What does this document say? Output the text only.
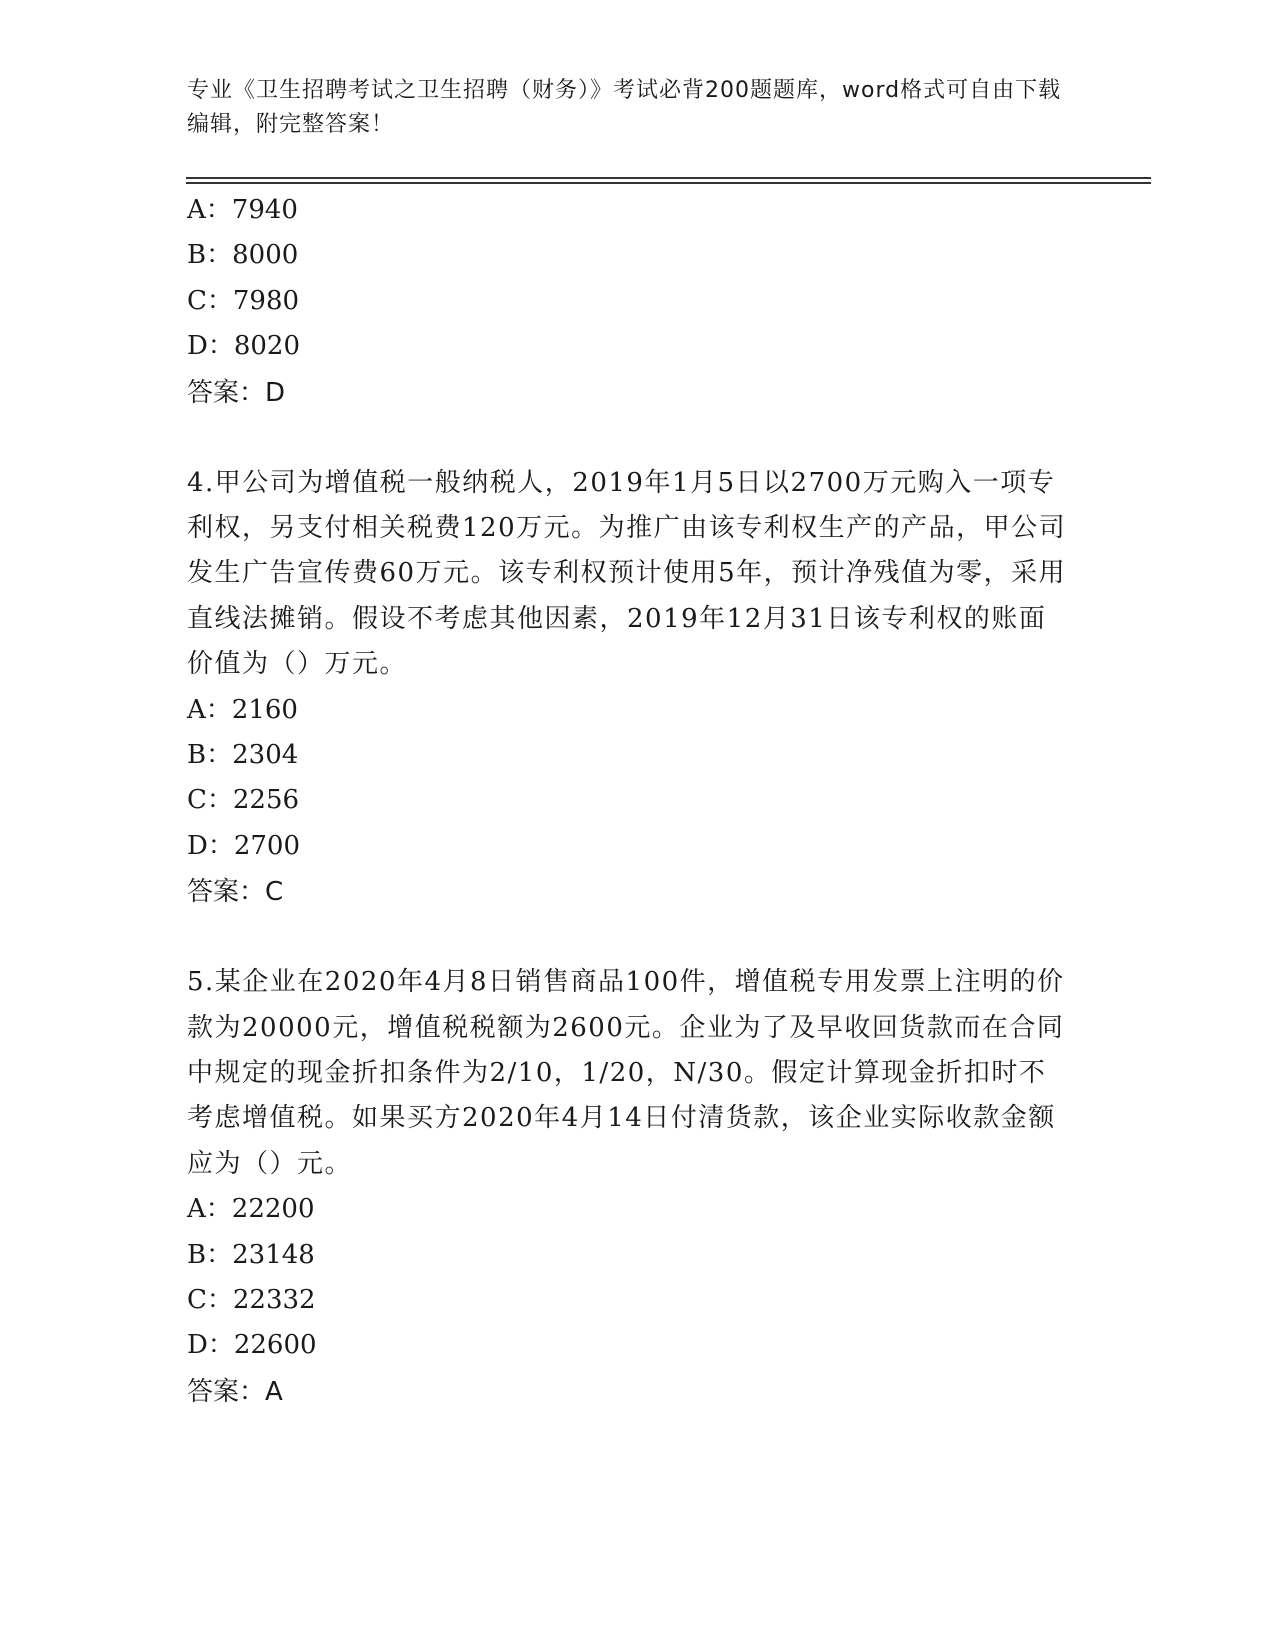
专业《卫生招聘考试之卫生招聘（财务）》考试必背200题题库，word格式可自由下载编辑，附完整答案！
A：7940
B：8000
C：7980
D：8020
答案：D
4.甲公司为增值税一般纳税人，2019年1月5日以2700万元购入一项专利权，另支付相关税费120万元。为推广由该专利权生产的产品，甲公司发生广告宣传费60万元。该专利权预计使用5年，预计净残值为零，采用直线法摊销。假设不考虑其他因素，2019年12月31日该专利权的账面价值为（）万元。
A：2160
B：2304
C：2256
D：2700
答案：C
5.某企业在2020年4月8日销售商品100件，增值税专用发票上注明的价款为20000元，增值税税额为2600元。企业为了及早收回货款而在合同中规定的现金折扣条件为2/10，1/20，N/30。假定计算现金折扣时不考虑增值税。如果买方2020年4月14日付清货款，该企业实际收款金额应为（）元。
A：22200
B：23148
C：22332
D：22600
答案：A
